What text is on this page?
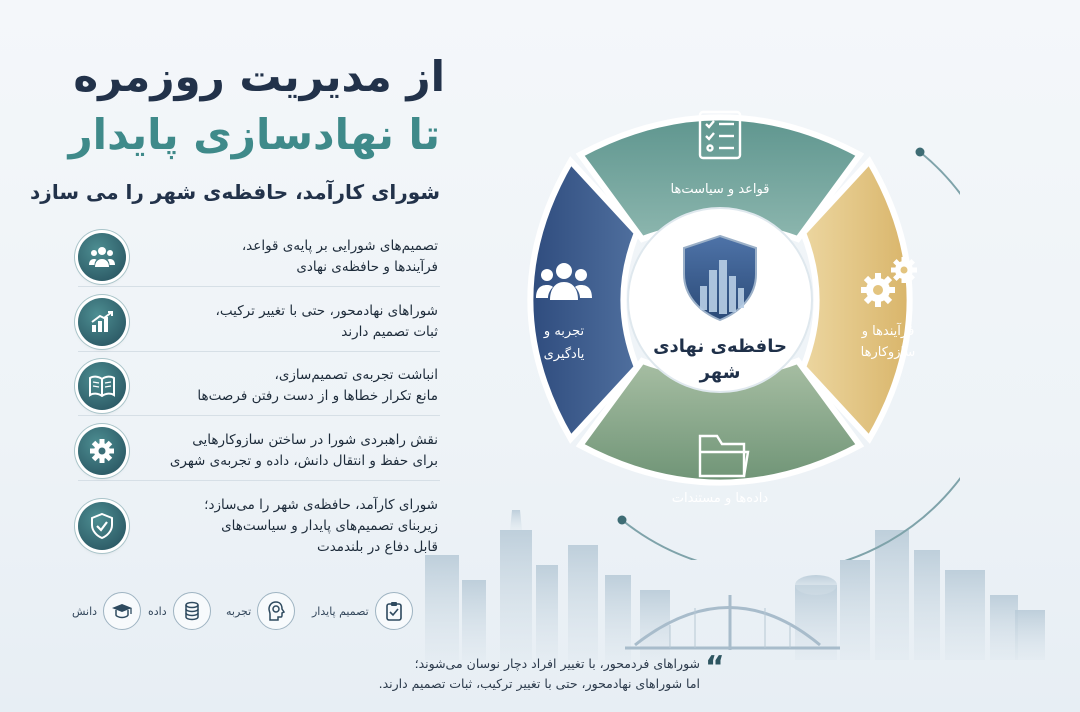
از مدیریت روزمره
تا نهادسازی پایدار
شورای کارآمد، حافظه‌ی شهر را می سازد
تصمیم‌های شورایی بر پایه‌ی قواعد،
فرآیندها و حافظه‌ی نهادی
شوراهای نهادمحور، حتی با تغییر ترکیب،
ثبات تصمیم دارند
انباشت تجربه‌ی تصمیم‌سازی،
مانع تکرار خطاها و از دست رفتن فرصت‌ها
نقش راهبردی شورا در ساختن سازوکارهایی
برای حفظ و انتقال دانش، داده و تجربه‌ی شهری
شورای کارآمد، حافظه‌ی شهر را می‌سازد؛
زیربنای تصمیم‌های پایدار و سیاست‌های
قابل دفاع در بلندمدت
تصمیم پایدار
تجربه
داده
دانش
حافظه‌ی نهادی
شهر
قواعد و سیاست‌ها
فرآیندها و
سازوکارها
داده‌ها و مستندات
تجربه و
یادگیری
“
شوراهای فردمحور، با تغییر افراد دچار نوسان می‌شوند؛
اما شوراهای نهادمحور، حتی با تغییر ترکیب، ثبات تصمیم دارند.
